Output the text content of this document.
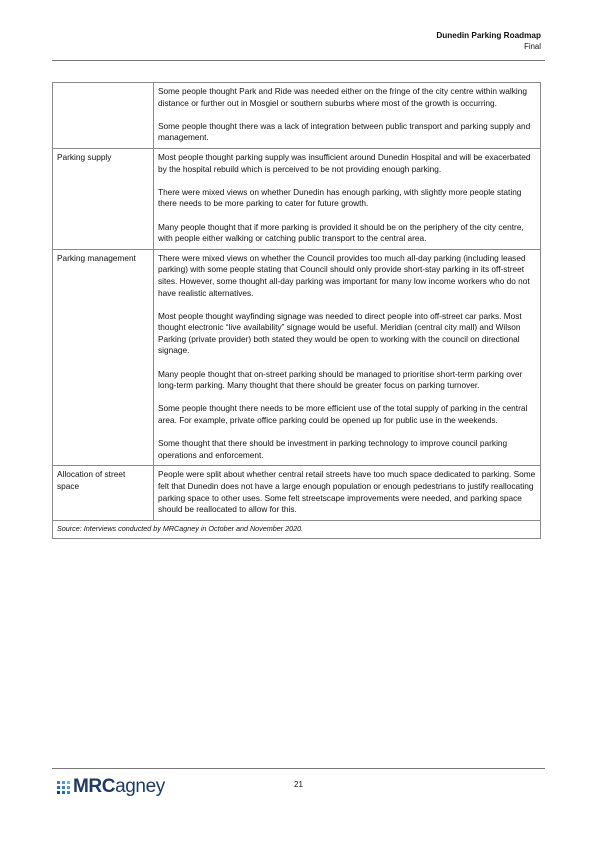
Dunedin Parking Roadmap
Final

	Some people thought Park and Ride was needed either on the fringe of the city centre within walking distance or further out in Mosgiel or southern suburbs where most of the growth is occurring.

Some people thought there was a lack of integration between public transport and parking supply and management.

Parking supply	Most people thought parking supply was insufficient around Dunedin Hospital and will be exacerbated by the hospital rebuild which is perceived to be not providing enough parking.

There were mixed views on whether Dunedin has enough parking, with slightly more people stating there needs to be more parking to cater for future growth.

Many people thought that if more parking is provided it should be on the periphery of the city centre, with people either walking or catching public transport to the central area.

Parking management	There were mixed views on whether the Council provides too much all-day parking (including leased parking) with some people stating that Council should only provide short-stay parking in its off-street sites. However, some thought all-day parking was important for many low income workers who do not have realistic alternatives.

Most people thought wayfinding signage was needed to direct people into off-street car parks. Most thought electronic “live availability” signage would be useful. Meridian (central city mall) and Wilson Parking (private provider) both stated they would be open to working with the council on directional signage.

Many people thought that on-street parking should be managed to prioritise short-term parking over long-term parking. Many thought that there should be greater focus on parking turnover.

Some people thought there needs to be more efficient use of the total supply of parking in the central area. For example, private office parking could be opened up for public use in the weekends.

Some thought that there should be investment in parking technology to improve council parking operations and enforcement.

Allocation of street space	People were split about whether central retail streets have too much space dedicated to parking. Some felt that Dunedin does not have a large enough population or enough pedestrians to justify reallocating parking space to other uses. Some felt streetscape improvements were needed, and parking space should be reallocated to allow for this.

Source: Interviews conducted by MRCagney in October and November 2020.	
MRCagney	21
